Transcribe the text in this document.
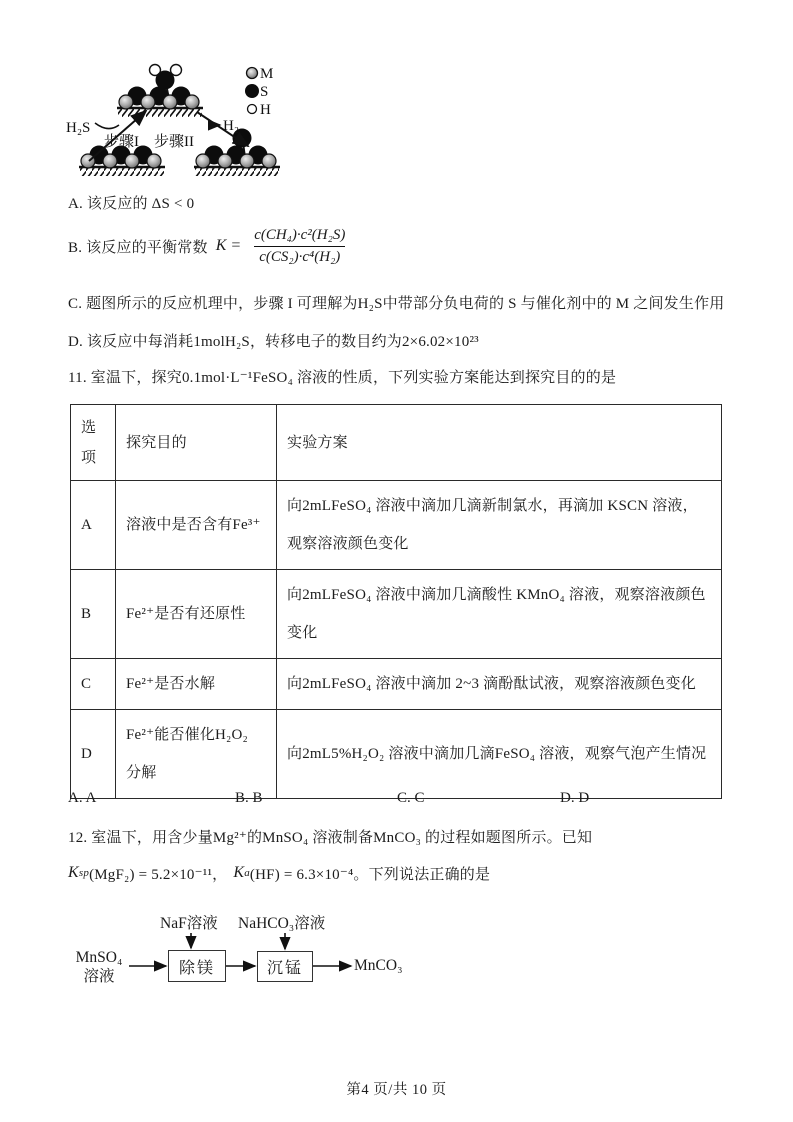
H₂S
步骤I 步骤II
H₂
M
S
H
A. 该反应的 ΔS < 0
B. 该反应的平衡常数 $K = \frac{\text{c(CH₄)·c²(H₂S)}}{\text{c(CS₂)·c⁴(H₂)}}$
C. 题图所示的反应机理中，步骤 I 可理解为H₂S中带部分负电荷的 S 与催化剂中的 M 之间发生作用
D. 该反应中每消耗1molH₂S，转移电子的数目约为2×6.02×10²³
11. 室温下，探究0.1mol·L⁻¹FeSO₄ 溶液的性质，下列实验方案能达到探究目的的是
选项	探究目的	实验方案
A	溶液中是否含有Fe³⁺	向2mLFeSO₄ 溶液中滴加几滴新制氯水，再滴加 KSCN 溶液，观察溶液颜色变化
B	Fe²⁺是否有还原性	向2mLFeSO₄ 溶液中滴加几滴酸性 KMnO₄ 溶液，观察溶液颜色变化
C	Fe²⁺是否水解	向2mLFeSO₄ 溶液中滴加 2~3 滴酚酞试液，观察溶液颜色变化
D	Fe²⁺能否催化H₂O₂ 分解	向2mL5%H₂O₂ 溶液中滴加几滴FeSO₄ 溶液，观察气泡产生情况
A. A	B. B	C. C	D. D
12. 室温下，用含少量Mg²⁺的MnSO₄ 溶液制备MnCO₃ 的过程如题图所示。已知
K sp (MgF₂) = 5.2×10⁻¹¹， K a (HF) = 6.3×10⁻⁴。下列说法正确的是
NaF溶液 NaHCO₃溶液
MnSO₄
溶液	除镁	沉锰	MnCO₃
第4 页/共 10 页
